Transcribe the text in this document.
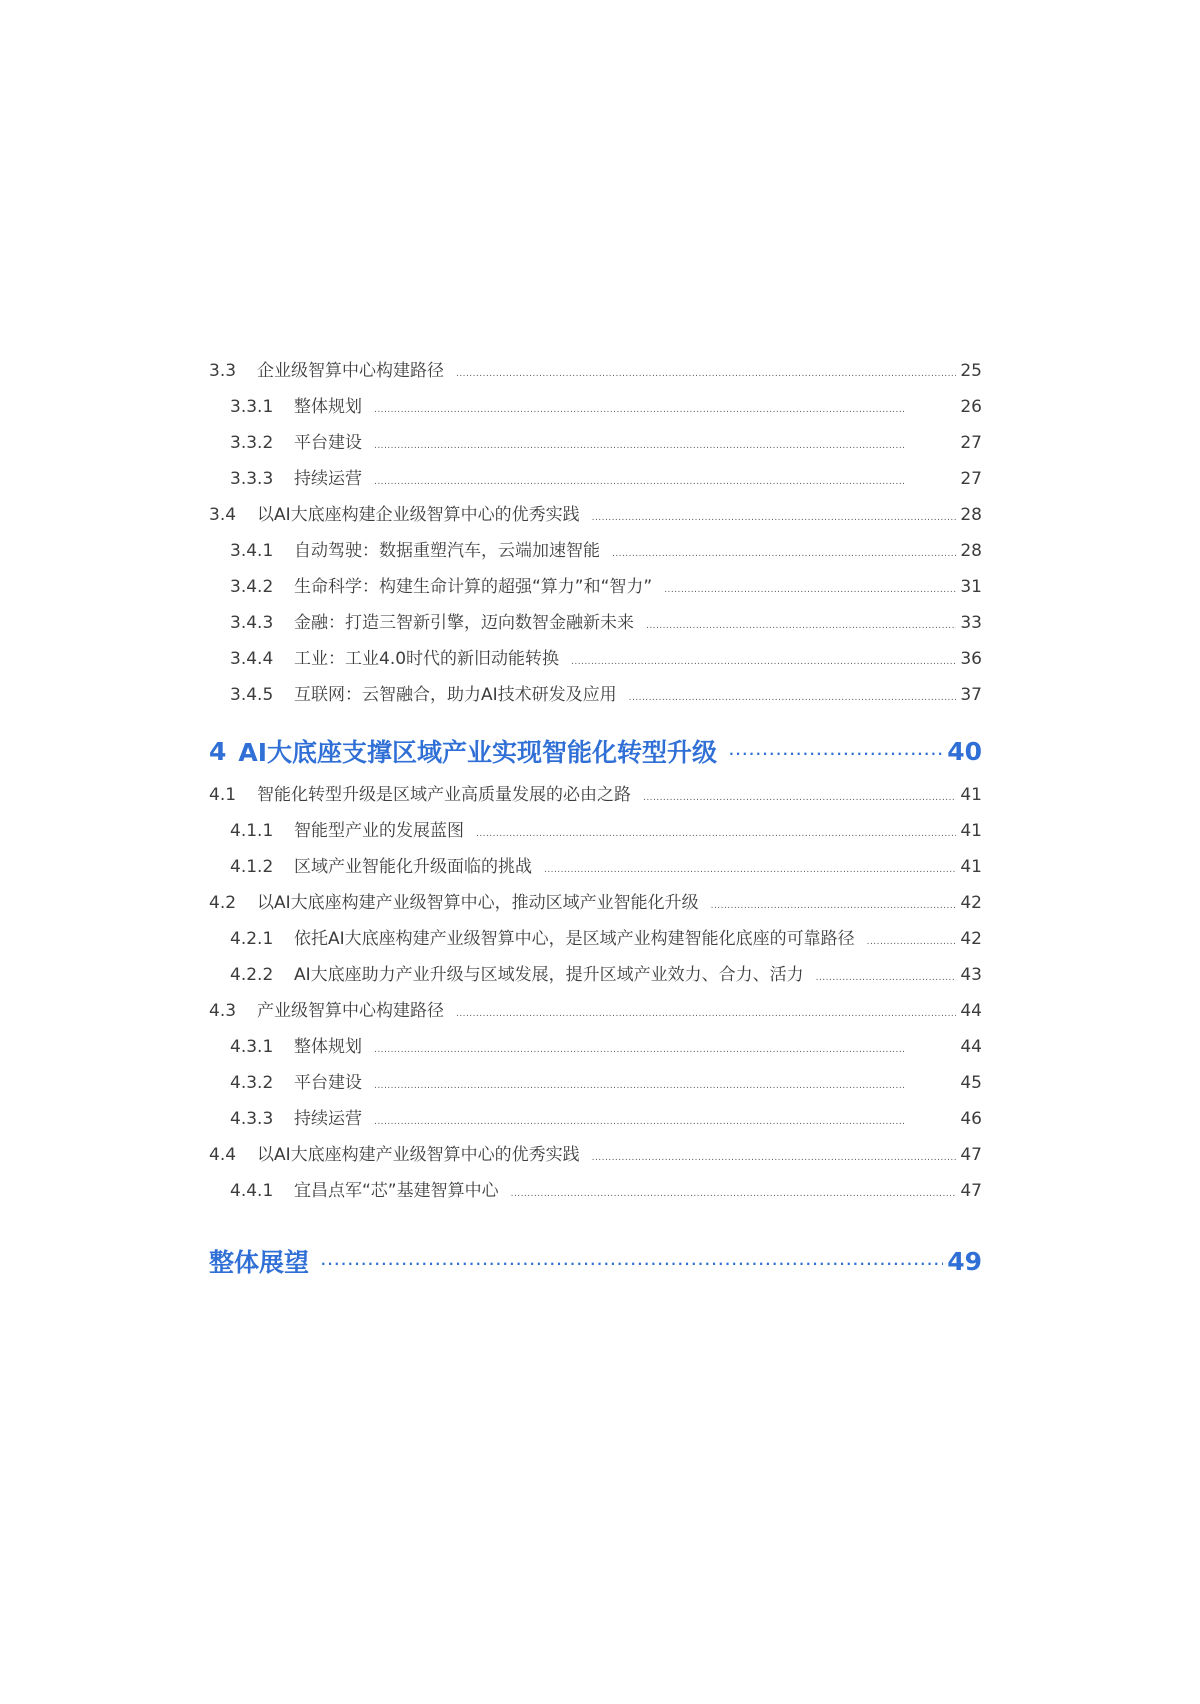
3.3	企业级智算中心构建路径 . . .	25
3.3.1	整体规划 . . .	26
3.3.2	平台建设 . . .	27
3.3.3	持续运营 . . .	27
3.4	以AI大底座构建企业级智算中心的优秀实践 . . .	28
3.4.1	自动驾驶：数据重塑汽车，云端加速智能 . . .	28
3.4.2	生命科学：构建生命计算的超强“算力”和“智力” . . .	31
3.4.3	金融：打造三智新引擎，迈向数智金融新未来 . . .	33
3.4.4	工业：工业4.0时代的新旧动能转换 . . .	36
3.4.5	互联网：云智融合，助力AI技术研发及应用 . . .	37
4 AI大底座支撑区域产业实现智能化转型升级 . . .	40
4.1	智能化转型升级是区域产业高质量发展的必由之路 . . .	41
4.1.1	智能型产业的发展蓝图 . . .	41
4.1.2	区域产业智能化升级面临的挑战 . . .	41
4.2	以AI大底座构建产业级智算中心，推动区域产业智能化升级 . . .	42
4.2.1	依托AI大底座构建产业级智算中心，是区域产业构建智能化底座的可靠路径 . . .	42
4.2.2	AI大底座助力产业升级与区域发展，提升区域产业效力、合力、活力 . . .	43
4.3	产业级智算中心构建路径 . . .	44
4.3.1	整体规划 . . .	44
4.3.2	平台建设 . . .	45
4.3.3	持续运营 . . .	46
4.4	以AI大底座构建产业级智算中心的优秀实践 . . .	47
4.4.1	宜昌点军“芯”基建智算中心 . . .	47
整体展望 . . .	49
